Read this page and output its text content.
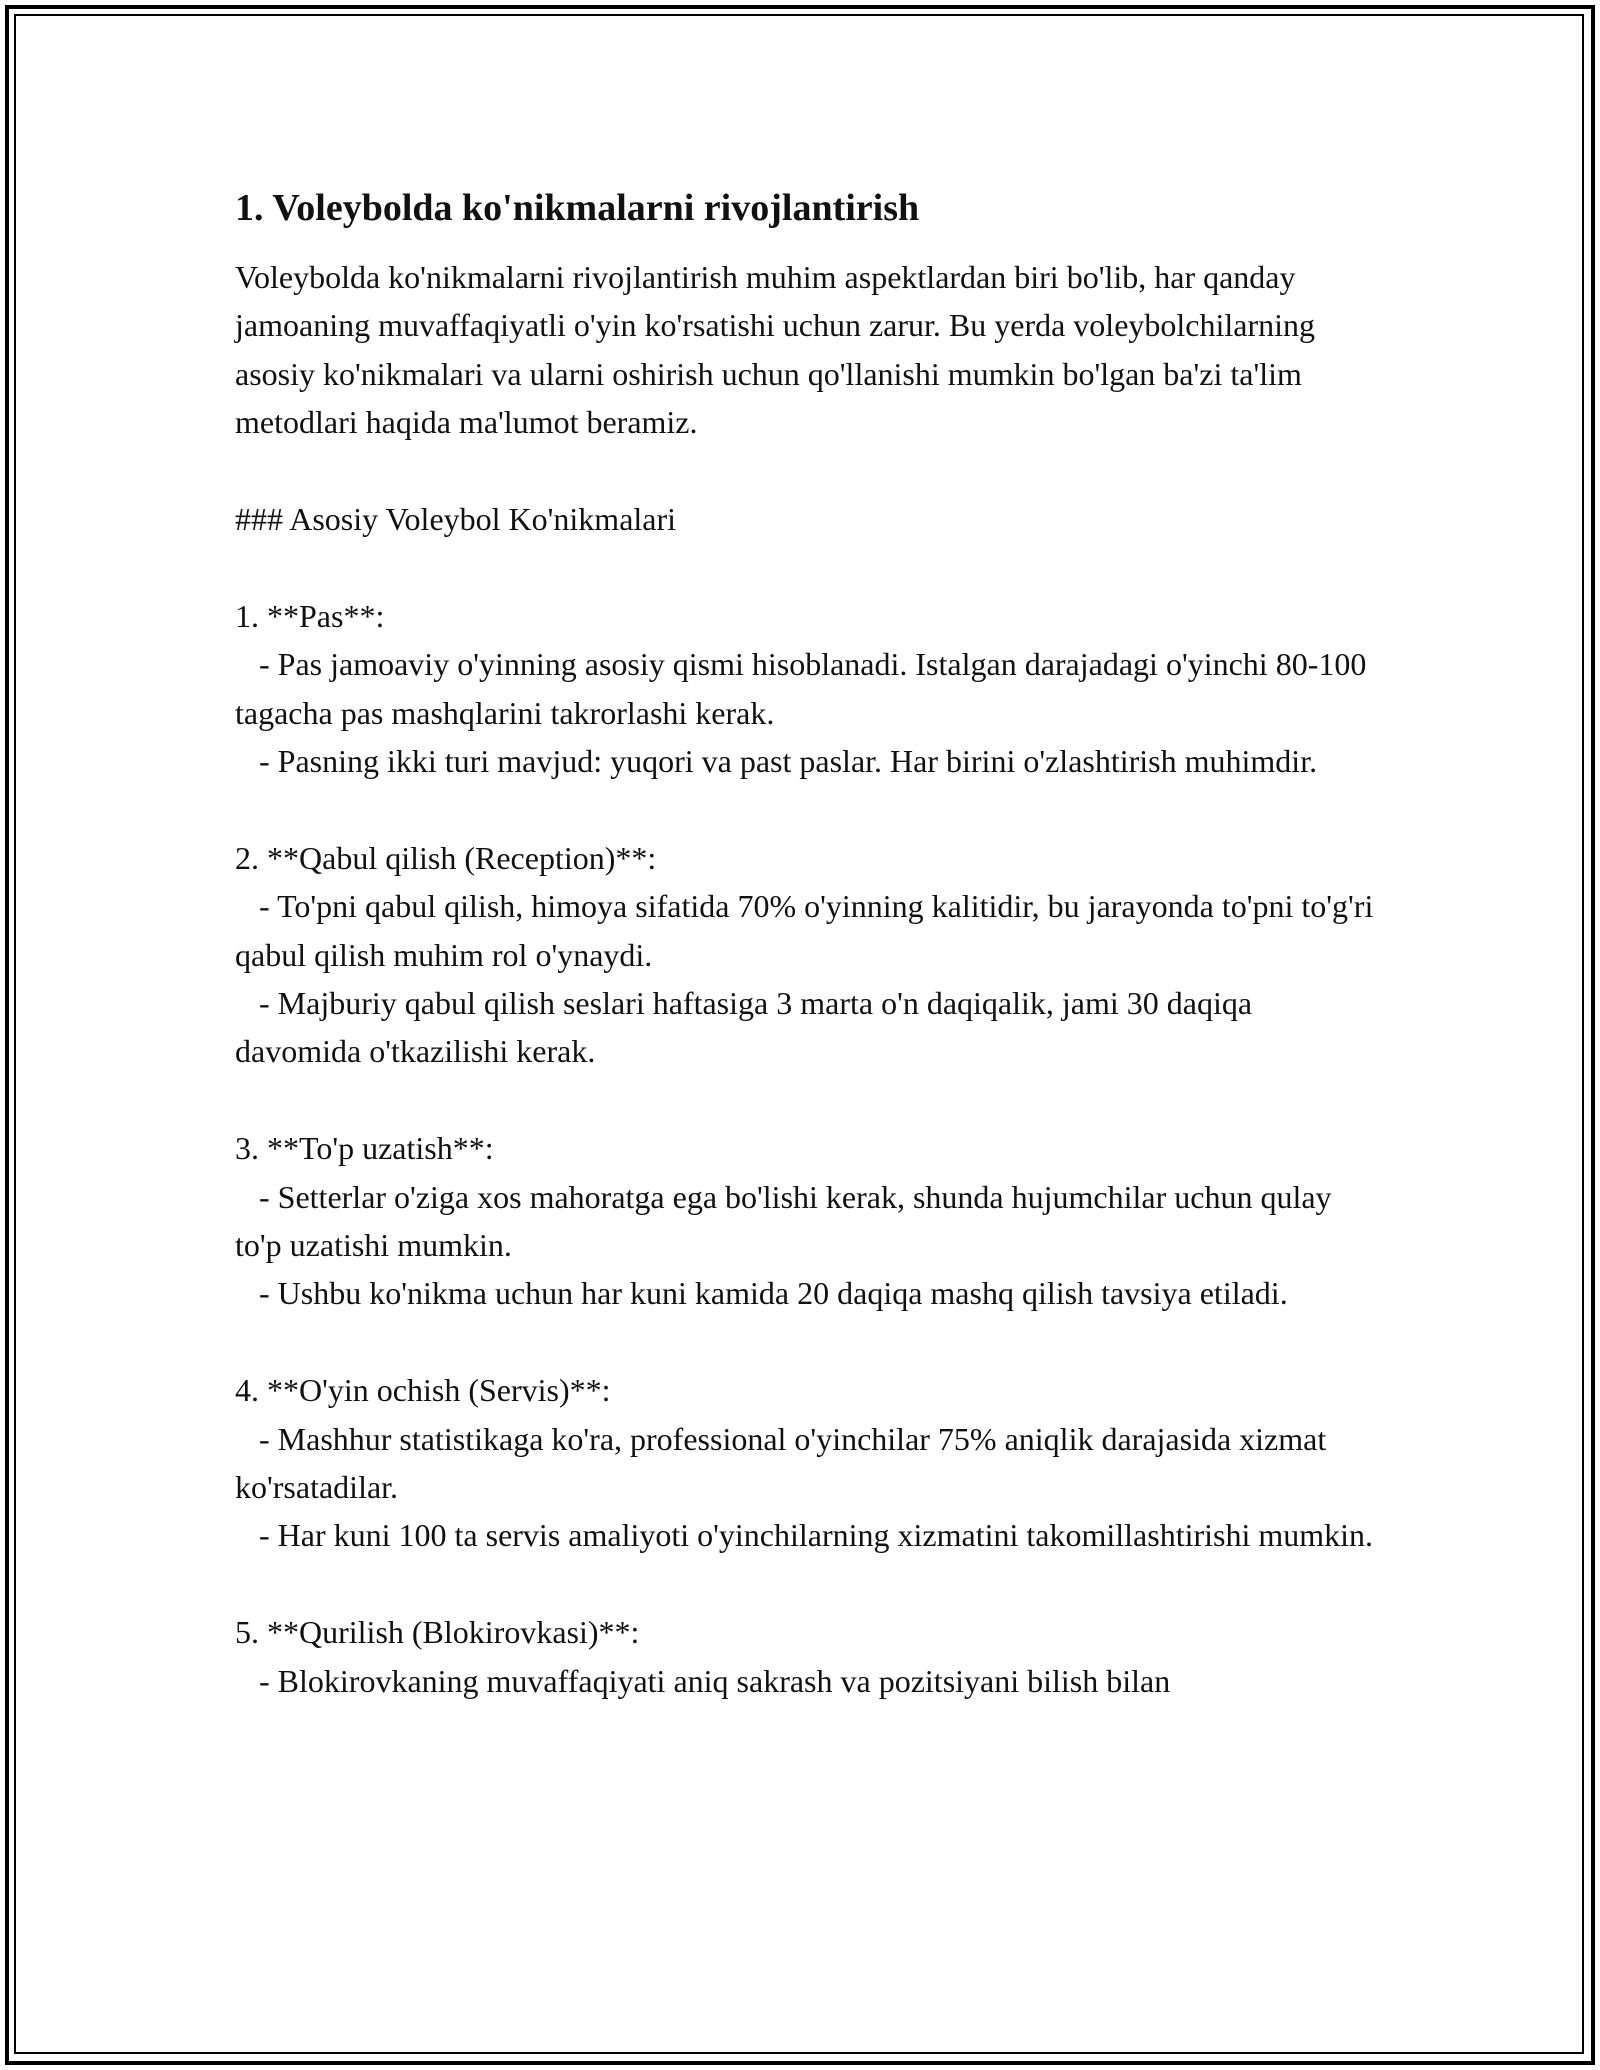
1. Voleybolda ko'nikmalarni rivojlantirish

Voleybolda ko'nikmalarni rivojlantirish muhim aspektlardan biri bo'lib, har qanday jamoaning muvaffaqiyatli o'yin ko'rsatishi uchun zarur. Bu yerda voleybolchilarning asosiy ko'nikmalari va ularni oshirish uchun qo'llanishi mumkin bo'lgan ba'zi ta'lim metodlari haqida ma'lumot beramiz.

### Asosiy Voleybol Ko'nikmalari

1. **Pas**:

- Pas jamoaviy o'yinning asosiy qismi hisoblanadi. Istalgan darajadagi o'yinchi 80-100 tagacha pas mashqlarini takrorlashi kerak.

- Pasning ikki turi mavjud: yuqori va past paslar. Har birini o'zlashtirish muhimdir.

2. **Qabul qilish (Reception)**:

- To'pni qabul qilish, himoya sifatida 70% o'yinning kalitidir, bu jarayonda to'pni to'g'ri qabul qilish muhim rol o'ynaydi.

- Majburiy qabul qilish seslari haftasiga 3 marta o'n daqiqalik, jami 30 daqiqa davomida o'tkazilishi kerak.

3. **To'p uzatish**:

- Setterlar o'ziga xos mahoratga ega bo'lishi kerak, shunda hujumchilar uchun qulay to'p uzatishi mumkin.

- Ushbu ko'nikma uchun har kuni kamida 20 daqiqa mashq qilish tavsiya etiladi.

4. **O'yin ochish (Servis)**:

- Mashhur statistikaga ko'ra, professional o'yinchilar 75% aniqlik darajasida xizmat ko'rsatadilar.

- Har kuni 100 ta servis amaliyoti o'yinchilarning xizmatini takomillashtirishi mumkin.

5. **Qurilish (Blokirovkasi)**:

- Blokirovkaning muvaffaqiyati aniq sakrash va pozitsiyani bilish bilan
